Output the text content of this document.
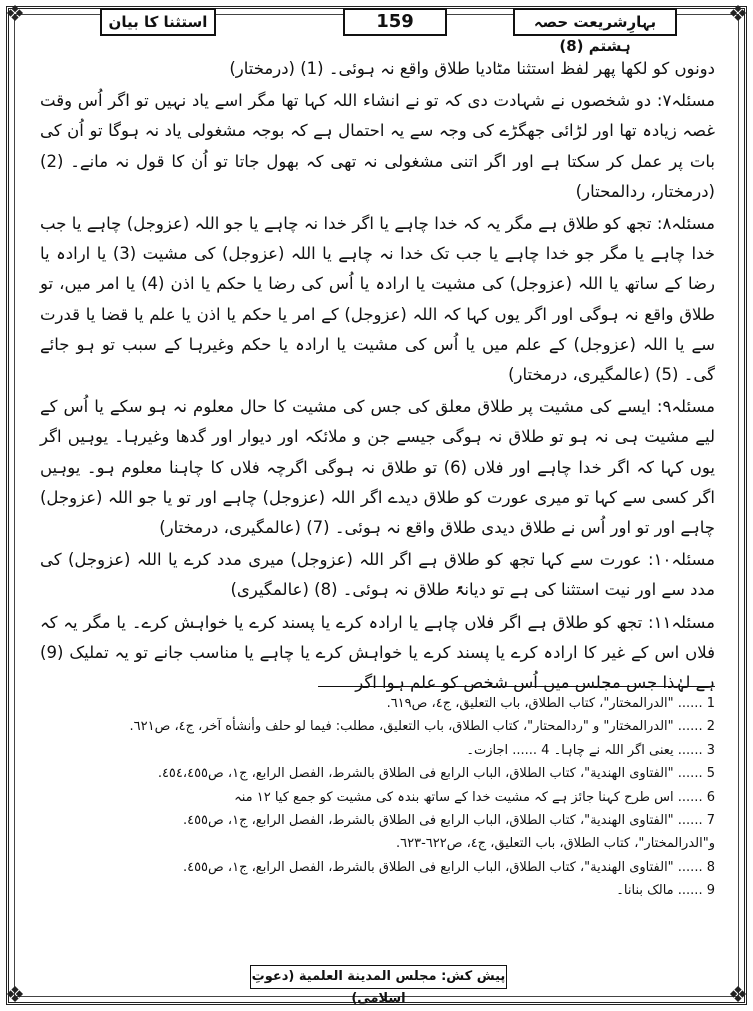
❖	❖
❖	❖
استثنا کا بیان	159	بہارِشریعت حصہ ہشتم (8)

دونوں کو لکھا پھر لفظ استثنا مٹادیا طلاق واقع نہ ہوئی۔ (1) (درمختار)

مسئلہ۷: دو شخصوں نے شہادت دی کہ تو نے انشاء اللہ کہا تھا مگر اسے یاد نہیں تو اگر اُس وقت غصہ زیادہ تھا اور لڑائی جھگڑے کی وجہ سے یہ احتمال ہے کہ بوجہ مشغولی یاد نہ ہوگا تو اُن کی بات پر عمل کر سکتا ہے اور اگر اتنی مشغولی نہ تھی کہ بھول جاتا تو اُن کا قول نہ مانے۔ (2) (درمختار، ردالمحتار)

مسئلہ۸: تجھ کو طلاق ہے مگر یہ کہ خدا چاہے یا اگر خدا نہ چاہے یا جو اللہ (عزوجل) چاہے یا جب خدا چاہے یا مگر جو خدا چاہے یا جب تک خدا نہ چاہے یا اللہ (عزوجل) کی مشیت (3) یا ارادہ یا رضا کے ساتھ یا اللہ (عزوجل) کی مشیت یا ارادہ یا اُس کی رضا یا حکم یا اذن (4) یا امر میں، تو طلاق واقع نہ ہوگی اور اگر یوں کہا کہ اللہ (عزوجل) کے امر یا حکم یا اذن یا علم یا قضا یا قدرت سے یا اللہ (عزوجل) کے علم میں یا اُس کی مشیت یا ارادہ یا حکم وغیرہا کے سبب تو ہو جائے گی۔ (5) (عالمگیری، درمختار)

مسئلہ۹: ایسے کی مشیت پر طلاق معلق کی جس کی مشیت کا حال معلوم نہ ہو سکے یا اُس کے لیے مشیت ہی نہ ہو تو طلاق نہ ہوگی جیسے جن و ملائکہ اور دیوار اور گدھا وغیرہا۔ یوہیں اگر یوں کہا کہ اگر خدا چاہے اور فلاں (6) تو طلاق نہ ہوگی اگرچہ فلاں کا چاہنا معلوم ہو۔ یوہیں اگر کسی سے کہا تو میری عورت کو طلاق دیدے اگر اللہ (عزوجل) چاہے اور تو یا جو اللہ (عزوجل) چاہے اور تو اور اُس نے طلاق دیدی طلاق واقع نہ ہوئی۔ (7) (عالمگیری، درمختار)

مسئلہ۱۰: عورت سے کہا تجھ کو طلاق ہے اگر اللہ (عزوجل) میری مدد کرے یا اللہ (عزوجل) کی مدد سے اور نیت استثنا کی ہے تو دیانۃً طلاق نہ ہوئی۔ (8) (عالمگیری)

مسئلہ۱۱: تجھ کو طلاق ہے اگر فلاں چاہے یا ارادہ کرے یا پسند کرے یا خواہش کرے۔ یا مگر یہ کہ فلاں اس کے غیر کا ارادہ کرے یا پسند کرے یا خواہش کرے یا چاہے یا مناسب جانے تو یہ تملیک (9) ہے لہٰذا جس مجلس میں اُس شخص کو علم ہوا اگر

1 ...... "الدرالمختار"، کتاب الطلاق، باب التعلیق، ج٤، ص٦١٩.
2 ...... "الدرالمختار" و "ردالمحتار"، کتاب الطلاق، باب التعلیق، مطلب: فیما لو حلف وأنشأه آخر، ج٤، ص٦٢١.
3 ...... یعنی اگر اللہ نے چاہا۔ 4 ...... اجازت۔
5 ...... "الفتاوی الهندیة"، کتاب الطلاق، الباب الرابع فی الطلاق بالشرط، الفصل الرابع، ج١، ص٤٥٤،٤٥٥.
6 ...... اس طرح کہنا جائز ہے کہ مشیت خدا کے ساتھ بندہ کی مشیت کو جمع کیا ۱۲ منہ
7 ...... "الفتاوی الهندیة"، کتاب الطلاق، الباب الرابع فی الطلاق بالشرط، الفصل الرابع، ج١، ص٤٥٥.
و"الدرالمختار"، کتاب الطلاق، باب التعلیق، ج٤، ص٦٢٢-٦٢٣.
8 ...... "الفتاوی الهندیة"، کتاب الطلاق، الباب الرابع فی الطلاق بالشرط، الفصل الرابع، ج١، ص٤٥٥.
9 ...... مالک بنانا۔
پیش کش: مجلس المدینة العلمیة (دعوتِ اسلامی)
